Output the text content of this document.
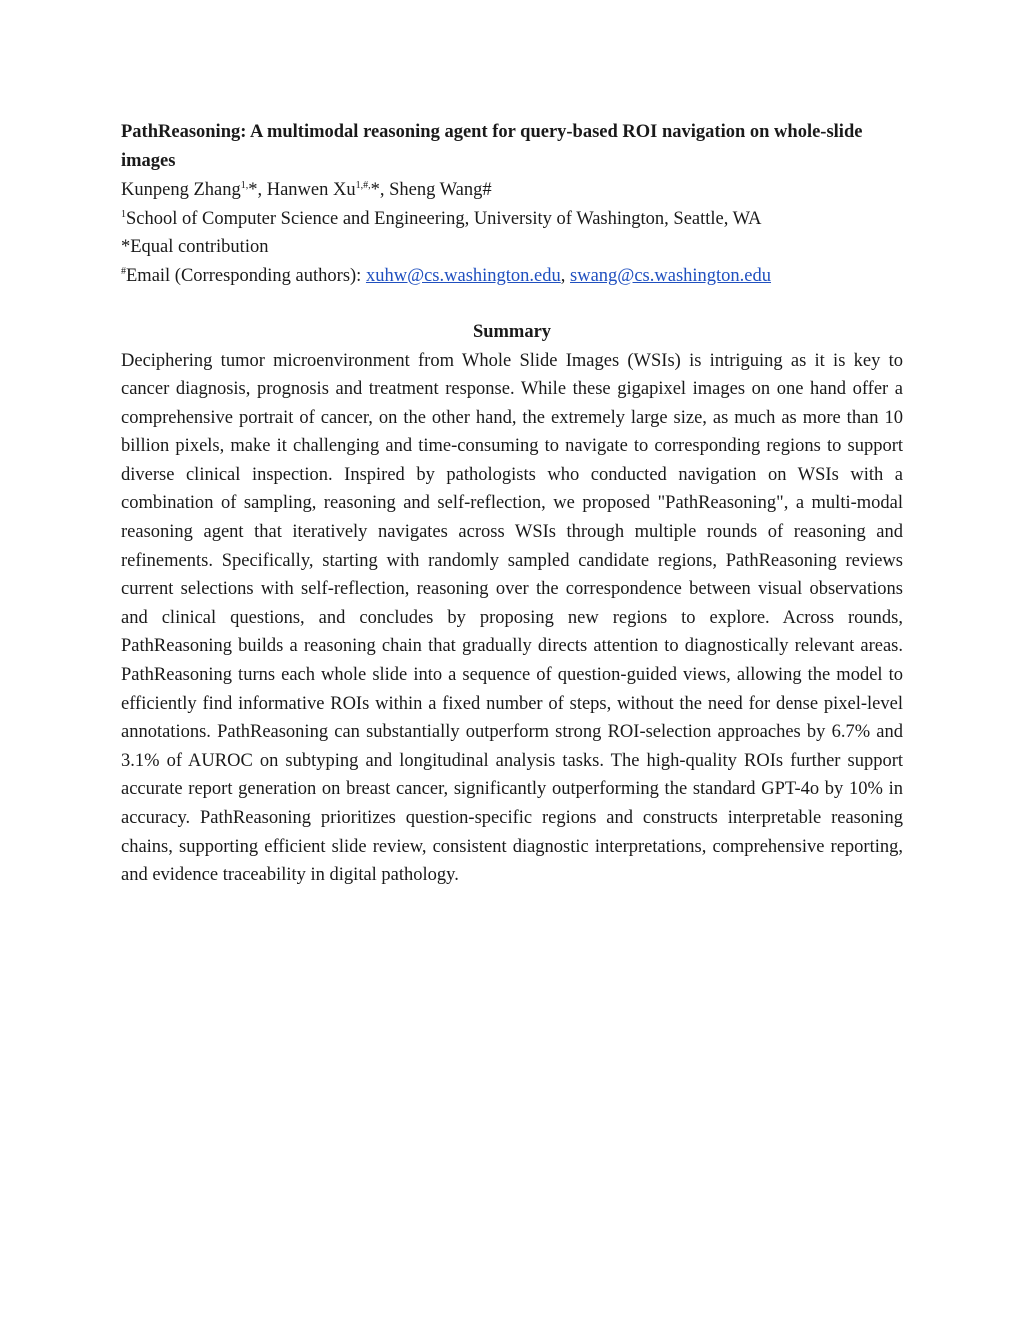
PathReasoning: A multimodal reasoning agent for query-based ROI navigation on whole-slide images

Kunpeng Zhang$^{1,}$*, Hanwen $Xu^{1,\#,}*$, Sheng Wang#

$^1$School of Computer Science and Engineering, University of Washington, Seattle, WA

*Equal contribution

#Email (Corresponding authors): xuhw@cs.washington.edu, swang@cs.washington.edu

Summary

Deciphering tumor microenvironment from Whole Slide Images (WSIs) is intriguing as it is key to cancer diagnosis, prognosis and treatment response. While these gigapixel images on one hand offer a comprehensive portrait of cancer, on the other hand, the extremely large size, as much as more than 10 billion pixels, make it challenging and time-consuming to navigate to corresponding regions to support diverse clinical inspection. Inspired by pathologists who conducted navigation on WSIs with a combination of sampling, reasoning and self-reflection, we proposed "PathReasoning", a multi-modal reasoning agent that iteratively navigates across WSIs through multiple rounds of reasoning and refinements. Specifically, starting with randomly sampled candidate regions, PathReasoning reviews current selections with self-reflection, reasoning over the correspondence between visual observations and clinical questions, and concludes by proposing new regions to explore. Across rounds, PathReasoning builds a reasoning chain that gradually directs attention to diagnostically relevant areas. PathReasoning turns each whole slide into a sequence of question-guided views, allowing the model to efficiently find informative ROIs within a fixed number of steps, without the need for dense pixel-level annotations. PathReasoning can substantially outperform strong ROI-selection approaches by 6.7% and 3.1% of AUROC on subtyping and longitudinal analysis tasks. The high-quality ROIs further support accurate report generation on breast cancer, significantly outperforming the standard GPT-4o by 10% in accuracy. PathReasoning prioritizes question-specific regions and constructs interpretable reasoning chains, supporting efficient slide review, consistent diagnostic interpretations, comprehensive reporting, and evidence traceability in digital pathology.
